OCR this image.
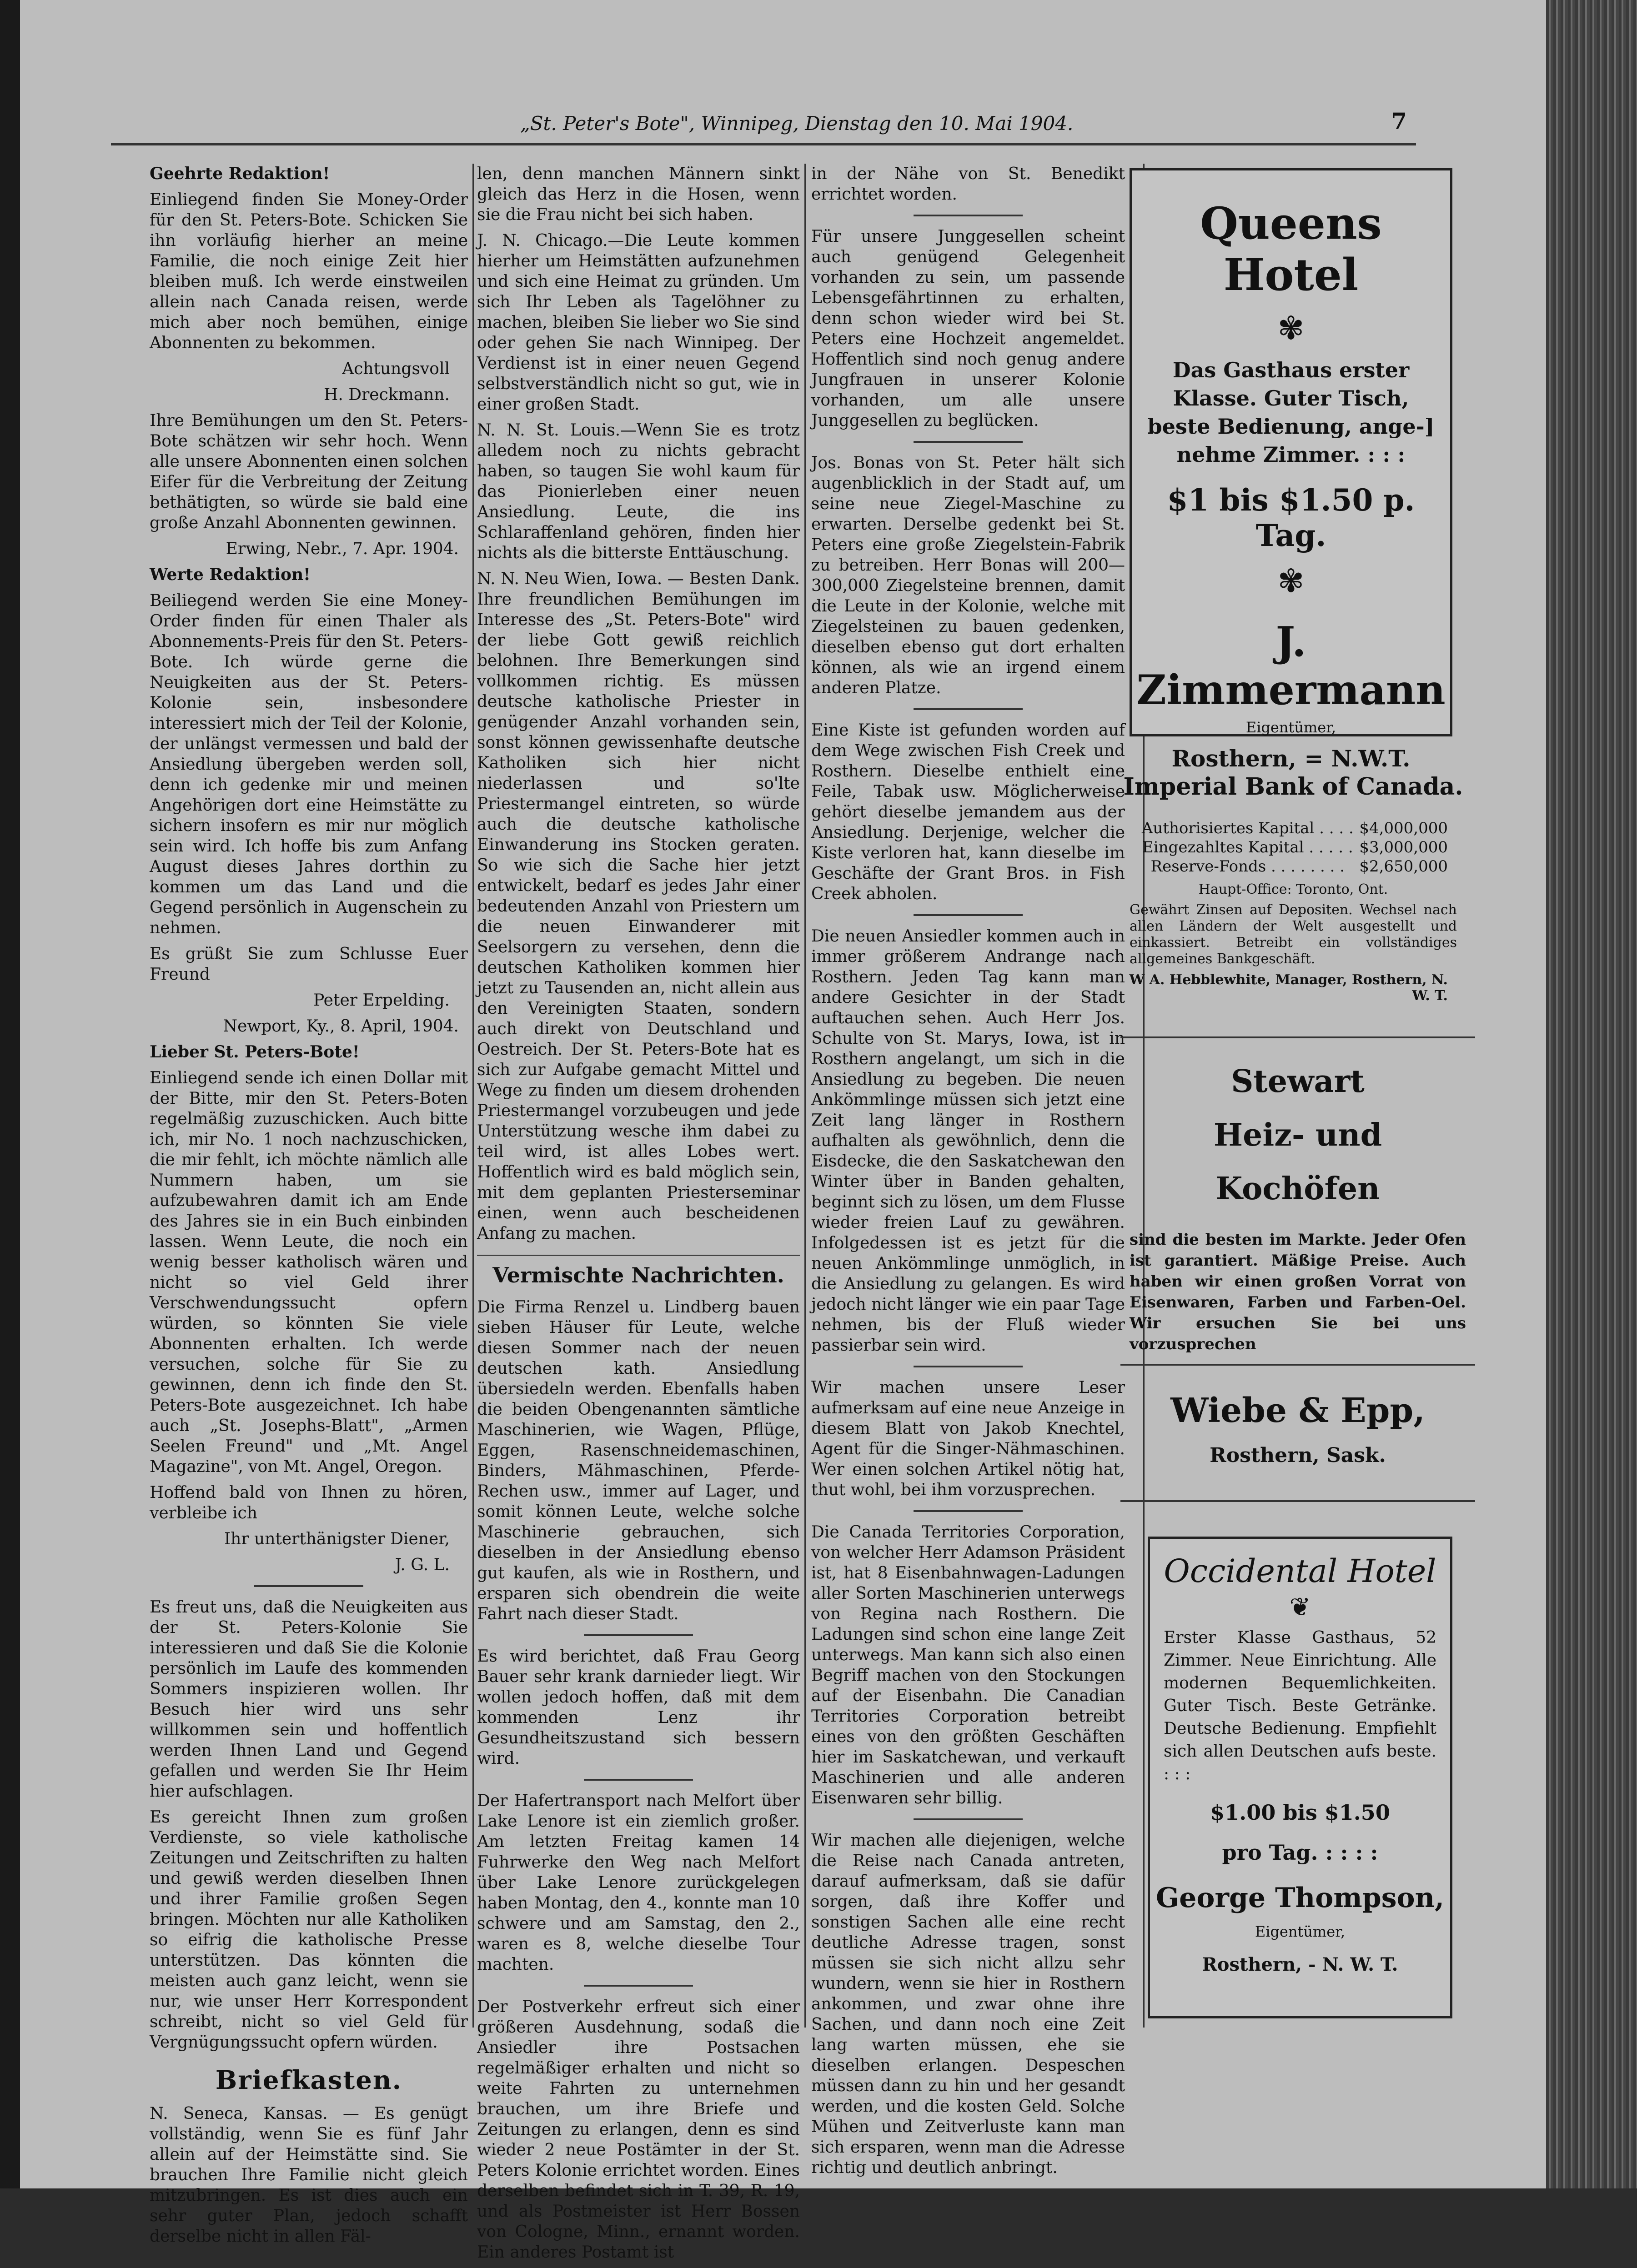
„St. Peter's Bote", Winnipeg, Dienstag den 10. Mai 1904.	7

Geehrte Redaktion!

Einliegend finden Sie Money-Order für den St. Peters-Bote. Schicken Sie ihn vorläufig hierher an meine Familie, die noch einige Zeit hier bleiben muß. Ich werde einstweilen allein nach Canada reisen, werde mich aber noch bemühen, einige Abonnenten zu bekommen.

Achtungsvoll

H. Dreckmann.

Ihre Bemühungen um den St. Peters-Bote schätzen wir sehr hoch. Wenn alle unsere Abonnenten einen solchen Eifer für die Verbreitung der Zeitung bethätigten, so würde sie bald eine große Anzahl Abonnenten gewinnen.

Erwing, Nebr., 7. Apr. 1904.

Werte Redaktion!

Beiliegend werden Sie eine Money-Order finden für einen Thaler als Abonnements-Preis für den St. Peters-Bote. Ich würde gerne die Neuigkeiten aus der St. Peters-Kolonie sein, insbesondere interessiert mich der Teil der Kolonie, der unlängst vermessen und bald der Ansiedlung übergeben werden soll, denn ich gedenke mir und meinen Angehörigen dort eine Heimstätte zu sichern insofern es mir nur möglich sein wird. Ich hoffe bis zum Anfang August dieses Jahres dorthin zu kommen um das Land und die Gegend persönlich in Augenschein zu nehmen.

Es grüßt Sie zum Schlusse Euer Freund

Peter Erpelding.

Newport, Ky., 8. April, 1904.

Lieber St. Peters-Bote!

Einliegend sende ich einen Dollar mit der Bitte, mir den St. Peters-Boten regelmäßig zuzuschicken. Auch bitte ich, mir No. 1 noch nachzuschicken, die mir fehlt, ich möchte nämlich alle Nummern haben, um sie aufzubewahren damit ich am Ende des Jahres sie in ein Buch einbinden lassen. Wenn Leute, die noch ein wenig besser katholisch wären und nicht so viel Geld ihrer Verschwendungssucht opfern würden, so könnten Sie viele Abonnenten erhalten. Ich werde versuchen, solche für Sie zu gewinnen, denn ich finde den St. Peters-Bote ausgezeichnet. Ich habe auch „St. Josephs-Blatt", „Armen Seelen Freund" und „Mt. Angel Magazine", von Mt. Angel, Oregon.

Hoffend bald von Ihnen zu hören, verbleibe ich

Ihr unterthänigster Diener,

J. G. L.

Es freut uns, daß die Neuigkeiten aus der St. Peters-Kolonie Sie interessieren und daß Sie die Kolonie persönlich im Laufe des kommenden Sommers inspizieren wollen. Ihr Besuch hier wird uns sehr willkommen sein und hoffentlich werden Ihnen Land und Gegend gefallen und werden Sie Ihr Heim hier aufschlagen.

Es gereicht Ihnen zum großen Verdienste, so viele katholische Zeitungen und Zeitschriften zu halten und gewiß werden dieselben Ihnen und ihrer Familie großen Segen bringen. Möchten nur alle Katholiken so eifrig die katholische Presse unterstützen. Das könnten die meisten auch ganz leicht, wenn sie nur, wie unser Herr Korrespondent schreibt, nicht so viel Geld für Vergnügungssucht opfern würden.

Briefkasten.

N. Seneca, Kansas. — Es genügt vollständig, wenn Sie es fünf Jahr allein auf der Heimstätte sind. Sie brauchen Ihre Familie nicht gleich mitzubringen. Es ist dies auch ein sehr guter Plan, jedoch schafft derselbe nicht in allen Fäl-

len, denn manchen Männern sinkt gleich das Herz in die Hosen, wenn sie die Frau nicht bei sich haben.

J. N. Chicago.—Die Leute kommen hierher um Heimstätten aufzunehmen und sich eine Heimat zu gründen. Um sich Ihr Leben als Tagelöhner zu machen, bleiben Sie lieber wo Sie sind oder gehen Sie nach Winnipeg. Der Verdienst ist in einer neuen Gegend selbstverständlich nicht so gut, wie in einer großen Stadt.

N. N. St. Louis.—Wenn Sie es trotz alledem noch zu nichts gebracht haben, so taugen Sie wohl kaum für das Pionierleben einer neuen Ansiedlung. Leute, die ins Schlaraffenland gehören, finden hier nichts als die bitterste Enttäuschung.

N. N. Neu Wien, Iowa. — Besten Dank. Ihre freundlichen Bemühungen im Interesse des „St. Peters-Bote" wird der liebe Gott gewiß reichlich belohnen. Ihre Bemerkungen sind vollkommen richtig. Es müssen deutsche katholische Priester in genügender Anzahl vorhanden sein, sonst können gewissenhafte deutsche Katholiken sich hier nicht niederlassen und so'lte Priestermangel eintreten, so würde auch die deutsche katholische Einwanderung ins Stocken geraten. So wie sich die Sache hier jetzt entwickelt, bedarf es jedes Jahr einer bedeutenden Anzahl von Priestern um die neuen Einwanderer mit Seelsorgern zu versehen, denn die deutschen Katholiken kommen hier jetzt zu Tausenden an, nicht allein aus den Vereinigten Staaten, sondern auch direkt von Deutschland und Oestreich. Der St. Peters-Bote hat es sich zur Aufgabe gemacht Mittel und Wege zu finden um diesem drohenden Priestermangel vorzubeugen und jede Unterstützung wesche ihm dabei zu teil wird, ist alles Lobes wert. Hoffentlich wird es bald möglich sein, mit dem geplanten Priesterseminar einen, wenn auch bescheidenen Anfang zu machen.

Vermischte Nachrichten.

Die Firma Renzel u. Lindberg bauen sieben Häuser für Leute, welche diesen Sommer nach der neuen deutschen kath. Ansiedlung übersiedeln werden. Ebenfalls haben die beiden Obengenannten sämtliche Maschinerien, wie Wagen, Pflüge, Eggen, Rasenschneidemaschinen, Binders, Mähmaschinen, Pferde-Rechen usw., immer auf Lager, und somit können Leute, welche solche Maschinerie gebrauchen, sich dieselben in der Ansiedlung ebenso gut kaufen, als wie in Rosthern, und ersparen sich obendrein die weite Fahrt nach dieser Stadt.

Es wird berichtet, daß Frau Georg Bauer sehr krank darnieder liegt. Wir wollen jedoch hoffen, daß mit dem kommenden Lenz ihr Gesundheitszustand sich bessern wird.

Der Hafertransport nach Melfort über Lake Lenore ist ein ziemlich großer. Am letzten Freitag kamen 14 Fuhrwerke den Weg nach Melfort über Lake Lenore zurückgelegen haben Montag, den 4., konnte man 10 schwere und am Samstag, den 2., waren es 8, welche dieselbe Tour machten.

Der Postverkehr erfreut sich einer größeren Ausdehnung, sodaß die Ansiedler ihre Postsachen regelmäßiger erhalten und nicht so weite Fahrten zu unternehmen brauchen, um ihre Briefe und Zeitungen zu erlangen, denn es sind wieder 2 neue Postämter in der St. Peters Kolonie errichtet worden. Eines derselben befindet sich in T. 39, R. 19, und als Postmeister ist Herr Bossen von Cologne, Minn., ernannt worden. Ein anderes Postamt ist

in der Nähe von St. Benedikt errichtet worden.

Für unsere Junggesellen scheint auch genügend Gelegenheit vorhanden zu sein, um passende Lebensgefährtinnen zu erhalten, denn schon wieder wird bei St. Peters eine Hochzeit angemeldet. Hoffentlich sind noch genug andere Jungfrauen in unserer Kolonie vorhanden, um alle unsere Junggesellen zu beglücken.

Jos. Bonas von St. Peter hält sich augenblicklich in der Stadt auf, um seine neue Ziegel-Maschine zu erwarten. Derselbe gedenkt bei St. Peters eine große Ziegelstein-Fabrik zu betreiben. Herr Bonas will 200—300,000 Ziegelsteine brennen, damit die Leute in der Kolonie, welche mit Ziegelsteinen zu bauen gedenken, dieselben ebenso gut dort erhalten können, als wie an irgend einem anderen Platze.

Eine Kiste ist gefunden worden auf dem Wege zwischen Fish Creek und Rosthern. Dieselbe enthielt eine Feile, Tabak usw. Möglicherweise gehört dieselbe jemandem aus der Ansiedlung. Derjenige, welcher die Kiste verloren hat, kann dieselbe im Geschäfte der Grant Bros. in Fish Creek abholen.

Die neuen Ansiedler kommen auch in immer größerem Andrange nach Rosthern. Jeden Tag kann man andere Gesichter in der Stadt auftauchen sehen. Auch Herr Jos. Schulte von St. Marys, Iowa, ist in Rosthern angelangt, um sich in die Ansiedlung zu begeben. Die neuen Ankömmlinge müssen sich jetzt eine Zeit lang länger in Rosthern aufhalten als gewöhnlich, denn die Eisdecke, die den Saskatchewan den Winter über in Banden gehalten, beginnt sich zu lösen, um dem Flusse wieder freien Lauf zu gewähren. Infolgedessen ist es jetzt für die neuen Ankömmlinge unmöglich, in die Ansiedlung zu gelangen. Es wird jedoch nicht länger wie ein paar Tage nehmen, bis der Fluß wieder passierbar sein wird.

Wir machen unsere Leser aufmerksam auf eine neue Anzeige in diesem Blatt von Jakob Knechtel, Agent für die Singer-Nähmaschinen. Wer einen solchen Artikel nötig hat, thut wohl, bei ihm vorzusprechen.

Die Canada Territories Corporation, von welcher Herr Adamson Präsident ist, hat 8 Eisenbahnwagen-Ladungen aller Sorten Maschinerien unterwegs von Regina nach Rosthern. Die Ladungen sind schon eine lange Zeit unterwegs. Man kann sich also einen Begriff machen von den Stockungen auf der Eisenbahn. Die Canadian Territories Corporation betreibt eines von den größten Geschäften hier im Saskatchewan, und verkauft Maschinerien und alle anderen Eisenwaren sehr billig.

Wir machen alle diejenigen, welche die Reise nach Canada antreten, darauf aufmerksam, daß sie dafür sorgen, daß ihre Koffer und sonstigen Sachen alle eine recht deutliche Adresse tragen, sonst müssen sie sich nicht allzu sehr wundern, wenn sie hier in Rosthern ankommen, und zwar ohne ihre Sachen, und dann noch eine Zeit lang warten müssen, ehe sie dieselben erlangen. Despeschen müssen dann zu hin und her gesandt werden, und die kosten Geld. Solche Mühen und Zeitverluste kann man sich ersparen, wenn man die Adresse richtig und deutlich anbringt.

Queens Hotel
✾
Das Gasthaus erster
Klasse. Guter Tisch,
beste Bedienung, ange-]
nehme Zimmer. : : :
$1 bis $1.50 p. Tag.
✾
J. Zimmermann
Eigentümer,
Rosthern, = N.W.T.
Imperial Bank of Canada.
Authorisiertes Kapital . . . .	$4,000,000
Eingezahltes Kapital . . . . .	$3,000,000
Reserve-Fonds . . . . . . . .	$2,650,000
Haupt-Office: Toronto, Ont.
Gewährt Zinsen auf Depositen. Wechsel nach allen Ländern der Welt ausgestellt und einkassiert. Betreibt ein vollständiges allgemeines Bankgeschäft.
W A. Hebblewhite, Manager, Rosthern, N. W. T.
Stewart
Heiz- und
Kochöfen
sind die besten im Markte. Jeder Ofen ist garantiert. Mäßige Preise. Auch haben wir einen großen Vorrat von Eisenwaren, Farben und Farben-Oel. Wir ersuchen Sie bei uns vorzusprechen
Wiebe & Epp,
Rosthern, Sask.
Occidental Hotel
❦
Erster Klasse Gasthaus, 52 Zimmer. Neue Einrichtung. Alle modernen Bequemlichkeiten. Guter Tisch. Beste Getränke. Deutsche Bedienung. Empfiehlt sich allen Deutschen aufs beste. : : :
$1.00 bis $1.50
pro Tag. : : : :
George Thompson,
Eigentümer,
Rosthern, - N. W. T.
